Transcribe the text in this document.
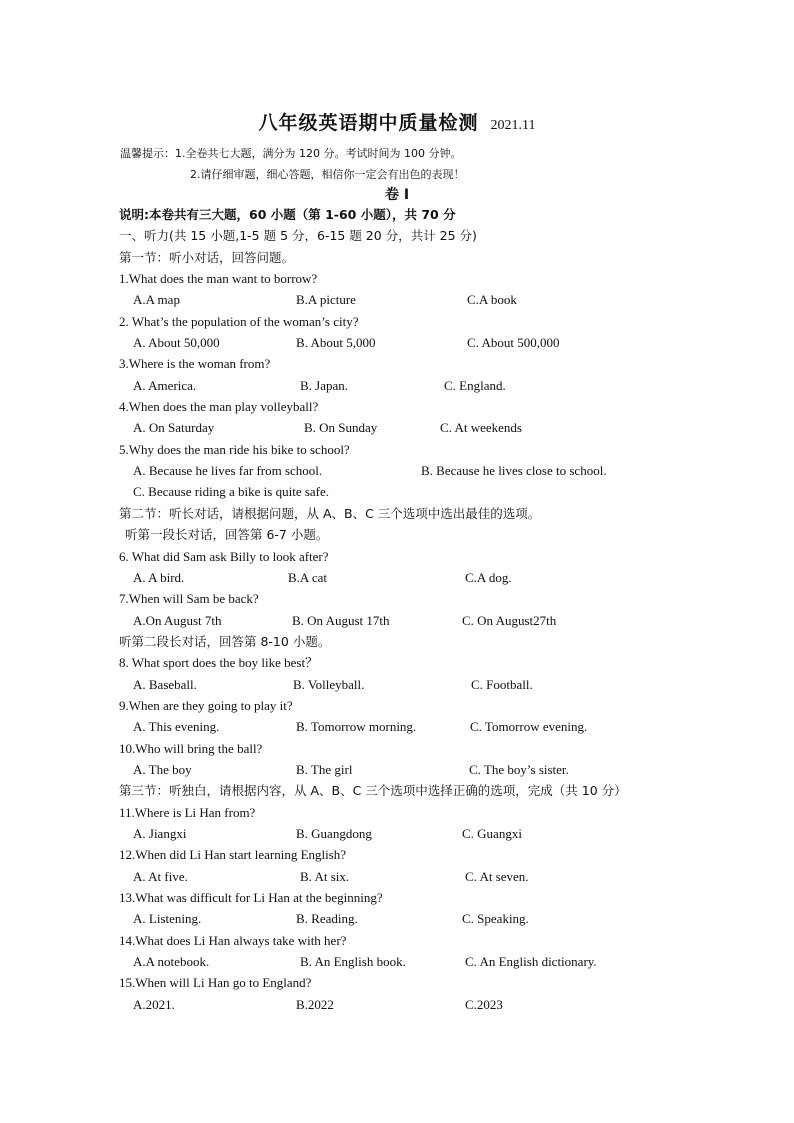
八年级英语期中质量检测 2021.11
温馨提示：1.全卷共七大题，满分为 120 分。考试时间为 100 分钟。
2.请仔细审题，细心答题，相信你一定会有出色的表现！
卷 Ⅰ
说明:本卷共有三大题，60 小题（第 1-60 小题），共 70 分
一、听力(共 15 小题,1-5 题 5 分，6-15 题 20 分，共计 25 分)
第一节：听小对话，回答问题。
1.What does the man want to borrow?
A.A map	B.A picture	C.A book
2. What’s the population of the woman’s city?
A. About 50,000	B. About 5,000	C. About 500,000
3.Where is the woman from?
A. America.	B. Japan.	C. England.
4.When does the man play volleyball?
A. On Saturday	B. On Sunday	C. At weekends
5.Why does the man ride his bike to school?
A. Because he lives far from school.	B. Because he lives close to school.
C. Because riding a bike is quite safe.
第二节：听长对话，请根据问题，从 A、B、C 三个选项中选出最佳的选项。
听第一段长对话，回答第 6-7 小题。
6. What did Sam ask Billy to look after?
A. A bird.	B.A cat	C.A dog.
7.When will Sam be back?
A.On August 7th	B. On August 17th	C. On August27th
听第二段长对话，回答第 8-10 小题。
8. What sport does the boy like best？
A. Baseball.	B. Volleyball.	C. Football.
9.When are they going to play it?
A. This evening.	B. Tomorrow morning.	C. Tomorrow evening.
10.Who will bring the ball?
A. The boy	B. The girl	C. The boy’s sister.
第三节：听独白，请根据内容，从 A、B、C 三个选项中选择正确的选项，完成（共 10 分）
11.Where is Li Han from?
A. Jiangxi	B. Guangdong	C. Guangxi
12.When did Li Han start learning English?
A. At five.	B. At six.	C. At seven.
13.What was difficult for Li Han at the beginning?
A. Listening.	B. Reading.	C. Speaking.
14.What does Li Han always take with her?
A.A notebook.	B. An English book.	C. An English dictionary.
15.When will Li Han go to England?
A.2021.	B.2022	C.2023
